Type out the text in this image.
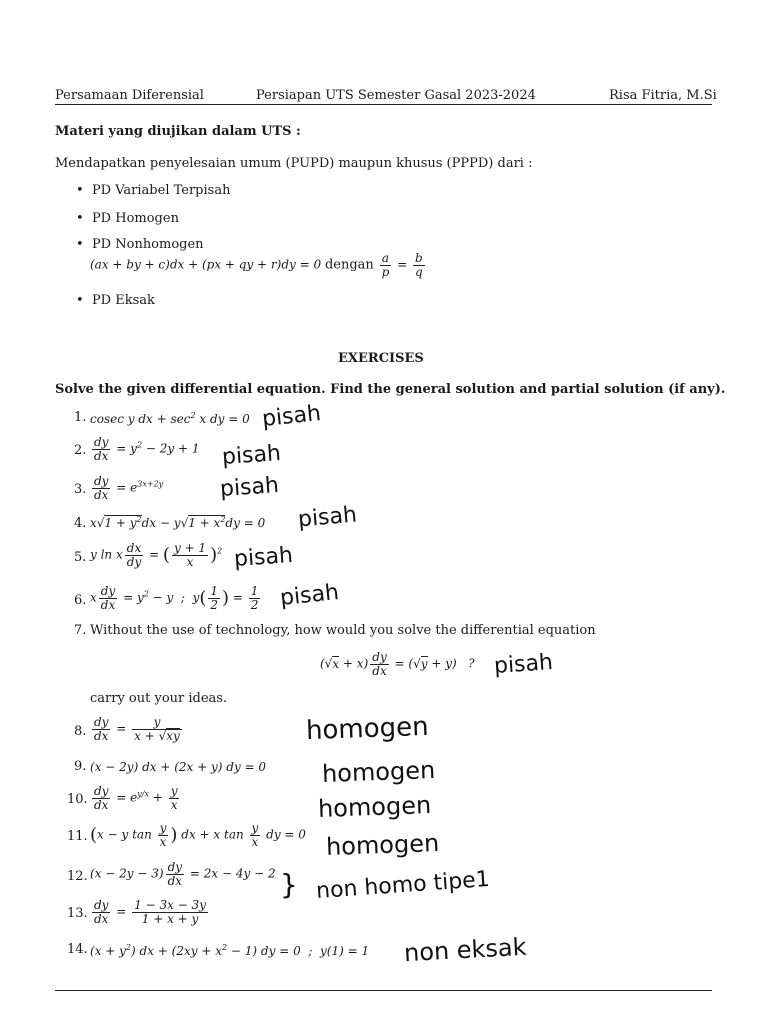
Persamaan Diferensial	Persiapan UTS Semester Gasal 2023-2024	Risa Fitria, M.Si
Materi yang diujikan dalam UTS :
Mendapatkan penyelesaian umum (PUPD) maupun khusus (PPPD) dari :
•  PD Variabel Terpisah
•  PD Homogen
•  PD Nonhomogen
(ax + by + c)dx + (px + qy + r)dy = 0 dengan $\frac{a}{p} = \frac{b}{q}$
•  PD Eksak
EXERCISES
Solve the given differential equation. Find the general solution and partial solution (if any).
1.
2.
3.
4.
5.
6.
7.
8.
9.
10.
11.
12.
13.
14.
cosec y dx + $\sec^2 x$ dy = 0
$\frac{dy}{dx} = y^2 - 2y + 1$
$\frac{dy}{dx} = e^{3x+2y}$
$x√1 + y^2dx - y√1 + x^2dy = 0$
y ln x $\frac{dx}{dy}$ = ( $\frac{y + 1}{x} )^2$
x $\frac{dy}{dx} = y^2 - y$  ;  $y( \frac{1}{2}$ ) = $\frac{1}{2}$
Without the use of technology, how would you solve the differential equation
$(√x + x) \frac{dy}{dx} = (√y + y)$   ?
carry out your ideas.
$\frac{dy}{dx} = \frac{y}{x + √xy}$
(x − 2y) dx + (2x + y) dy = 0
$\frac{dy}{dx} = e^{y/x} + \frac{y}{x}$
(x − y $\tan \frac{y}{x}$ ) dx + x $\tan \frac{y}{x}$ dy = 0
$(x - 2y - 3) \frac{dy}{dx} = 2x - 4y - 2$
$\frac{dy}{dx} = \frac{1 - 3x - 3y}{1 + x + y}$
$(x + y^2)$ dx + $(2xy + x^2 - 1)$ dy = 0  ;  y(1) = 1
pisah
pisah
pisah
pisah
pisah
pisah
pisah
homogen
homogen
homogen
homogen
} non homo tipe1
non eksak
